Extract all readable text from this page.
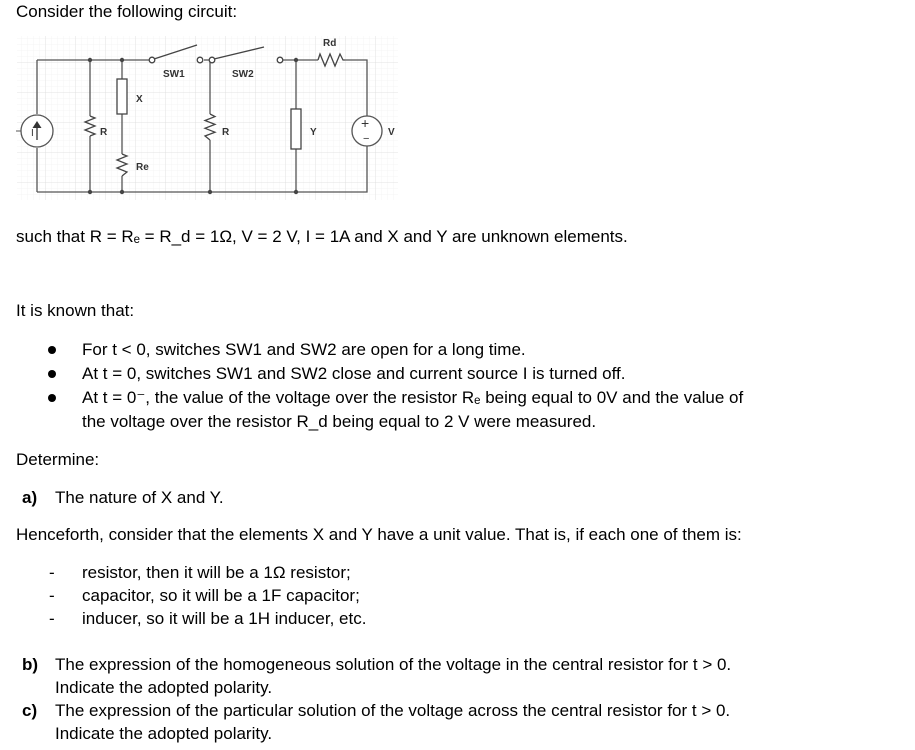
Consider the following circuit:
I	R
X
Re
SW1	SW2
R
Rd
Y
+
−
V
such that R = Rₑ = R_d = 1Ω, V = 2 V, I = 1A and X and Y are unknown elements.
It is known that:
For t < 0, switches SW1 and SW2 are open for a long time.
At t = 0, switches SW1 and SW2 close and current source I is turned off.
At t = 0⁻, the value of the voltage over the resistor Rₑ being equal to 0V and the value of
the voltage over the resistor R_d being equal to 2 V were measured.
Determine:
a) The nature of X and Y.
Henceforth, consider that the elements X and Y have a unit value. That is, if each one of them is:
- resistor, then it will be a 1Ω resistor;
- capacitor, so it will be a 1F capacitor;
- inducer, so it will be a 1H inducer, etc.
b) The expression of the homogeneous solution of the voltage in the central resistor for t > 0.
Indicate the adopted polarity.
c) The expression of the particular solution of the voltage across the central resistor for t > 0.
Indicate the adopted polarity.
